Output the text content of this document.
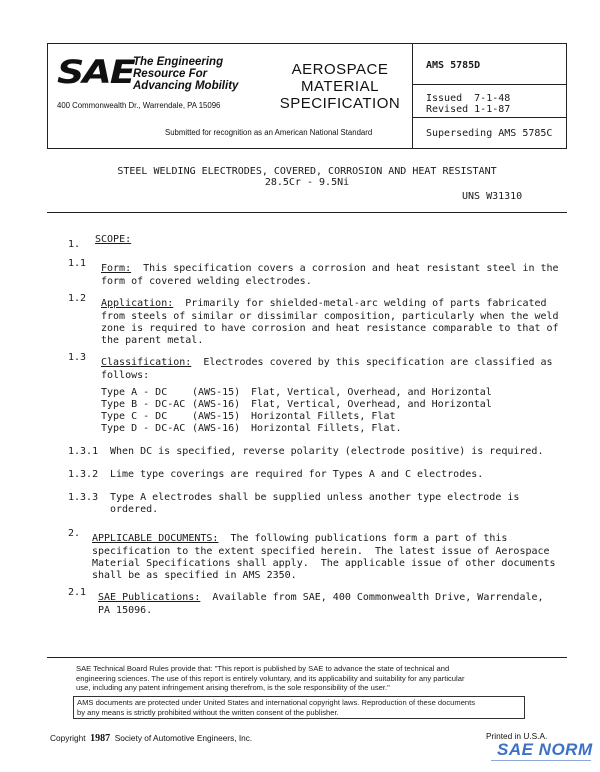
SAE The Engineering
Resource For
Advancing Mobility
400 Commonwealth Dr., Warrendale, PA 15096
AEROSPACE
MATERIAL
SPECIFICATION
Submitted for recognition as an American National Standard
AMS 5785D
Issued  7-1-48
Revised 1-1-87
Superseding AMS 5785C
STEEL WELDING ELECTRODES, COVERED, CORROSION AND HEAT RESISTANT
28.5Cr - 9.5Ni
UNS W31310
1. SCOPE:
1.1 Form:  This specification covers a corrosion and heat resistant steel in the
form of covered welding electrodes.
1.2 Application:  Primarily for shielded-metal-arc welding of parts fabricated
from steels of similar or dissimilar composition, particularly when the weld
zone is required to have corrosion and heat resistance comparable to that of
the parent metal.
1.3 Classification:  Electrodes covered by this specification are classified as
follows:
Type A - DC (AWS-15) Flat, Vertical, Overhead, and Horizontal
Type B - DC-AC (AWS-16) Flat, Vertical, Overhead, and Horizontal
Type C - DC (AWS-15) Horizontal Fillets, Flat
Type D - DC-AC (AWS-16) Horizontal Fillets, Flat.
1.3.1 When DC is specified, reverse polarity (electrode positive) is required.
1.3.2 Lime type coverings are required for Types A and C electrodes.
1.3.3 Type A electrodes shall be supplied unless another type electrode is
ordered.
2. APPLICABLE DOCUMENTS:  The following publications form a part of this
specification to the extent specified herein.  The latest issue of Aerospace
Material Specifications shall apply.  The applicable issue of other documents
shall be as specified in AMS 2350.
2.1 SAE Publications:  Available from SAE, 400 Commonwealth Drive, Warrendale,
PA 15096.
SAE Technical Board Rules provide that: "This report is published by SAE to advance the state of technical and
engineering sciences. The use of this report is entirely voluntary, and its applicability and suitability for any particular
use, including any patent infringement arising therefrom, is the sole responsibility of the user."
AMS documents are protected under United States and international copyright laws. Reproduction of these documents
by any means is strictly prohibited without the written consent of the publisher.
Copyright 1987 Society of Automotive Engineers, Inc.	Printed in U.S.A.
SAE NORM
